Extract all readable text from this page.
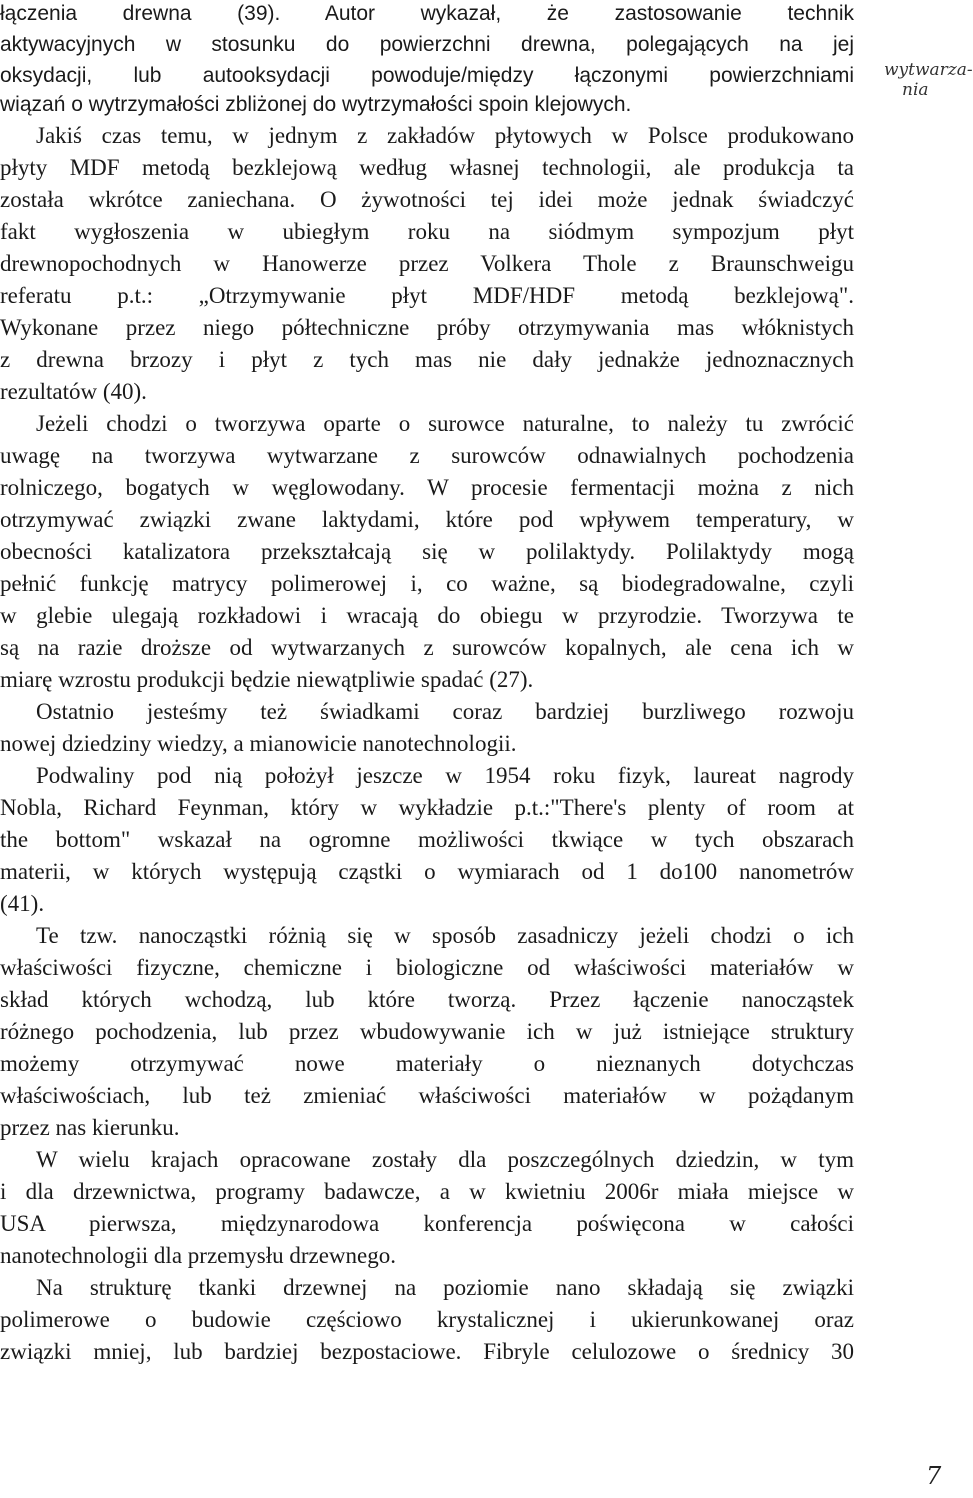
łączenia drewna (39). Autor wykazał, że zastosowanie technik
aktywacyjnych w stosunku do powierzchni drewna, polegających na jej
oksydacji, lub autooksydacji powoduje/między łączonymi powierzchniami
wiązań o wytrzymałości zbliżonej do wytrzymałości spoin klejowych.
Jakiś czas temu, w jednym z zakładów płytowych w Polsce produkowano
płyty MDF metodą bezklejową według własnej technologii, ale produkcja ta
została wkrótce zaniechana. O żywotności tej idei może jednak świadczyć
fakt wygłoszenia w ubiegłym roku na siódmym sympozjum płyt
drewnopochodnych w Hanowerze przez Volkera Thole z Braunschweigu
referatu p.t.: „Otrzymywanie płyt MDF/HDF metodą bezklejową".
Wykonane przez niego półtechniczne próby otrzymywania mas włóknistych
z drewna brzozy i płyt z tych mas nie dały jednakże jednoznacznych
rezultatów (40).
Jeżeli chodzi o tworzywa oparte o surowce naturalne, to należy tu zwrócić
uwagę na tworzywa wytwarzane z surowców odnawialnych pochodzenia
rolniczego, bogatych w węglowodany. W procesie fermentacji można z nich
otrzymywać związki zwane laktydami, które pod wpływem temperatury, w
obecności katalizatora przekształcają się w polilaktydy. Polilaktydy mogą
pełnić funkcję matrycy polimerowej i, co ważne, są biodegradowalne, czyli
w glebie ulegają rozkładowi i wracają do obiegu w przyrodzie. Tworzywa te
są na razie droższe od wytwarzanych z surowców kopalnych, ale cena ich w
miarę wzrostu produkcji będzie niewątpliwie spadać (27).
Ostatnio jesteśmy też świadkami coraz bardziej burzliwego rozwoju
nowej dziedziny wiedzy, a mianowicie nanotechnologii.
Podwaliny pod nią położył jeszcze w 1954 roku fizyk, laureat nagrody
Nobla, Richard Feynman, który w wykładzie p.t.:"There's plenty of room at
the bottom" wskazał na ogromne możliwości tkwiące w tych obszarach
materii, w których występują cząstki o wymiarach od 1 do100 nanometrów
(41).
Te tzw. nanocząstki różnią się w sposób zasadniczy jeżeli chodzi o ich
właściwości fizyczne, chemiczne i biologiczne od właściwości materiałów w
skład których wchodzą, lub które tworzą. Przez łączenie nanocząstek
różnego pochodzenia, lub przez wbudowywanie ich w już istniejące struktury
możemy otrzymywać nowe materiały o nieznanych dotychczas
właściwościach, lub też zmieniać właściwości materiałów w pożądanym
przez nas kierunku.
W wielu krajach opracowane zostały dla poszczególnych dziedzin, w tym
i dla drzewnictwa, programy badawcze, a w kwietniu 2006r miała miejsce w
USA pierwsza, międzynarodowa konferencja poświęcona w całości
nanotechnologii dla przemysłu drzewnego.
Na strukturę tkanki drzewnej na poziomie nano składają się związki
polimerowe o budowie częściowo krystalicznej i ukierunkowanej oraz
związki mniej, lub bardziej bezpostaciowe. Fibryle celulozowe o średnicy 30
wytwarza-
nia
7
